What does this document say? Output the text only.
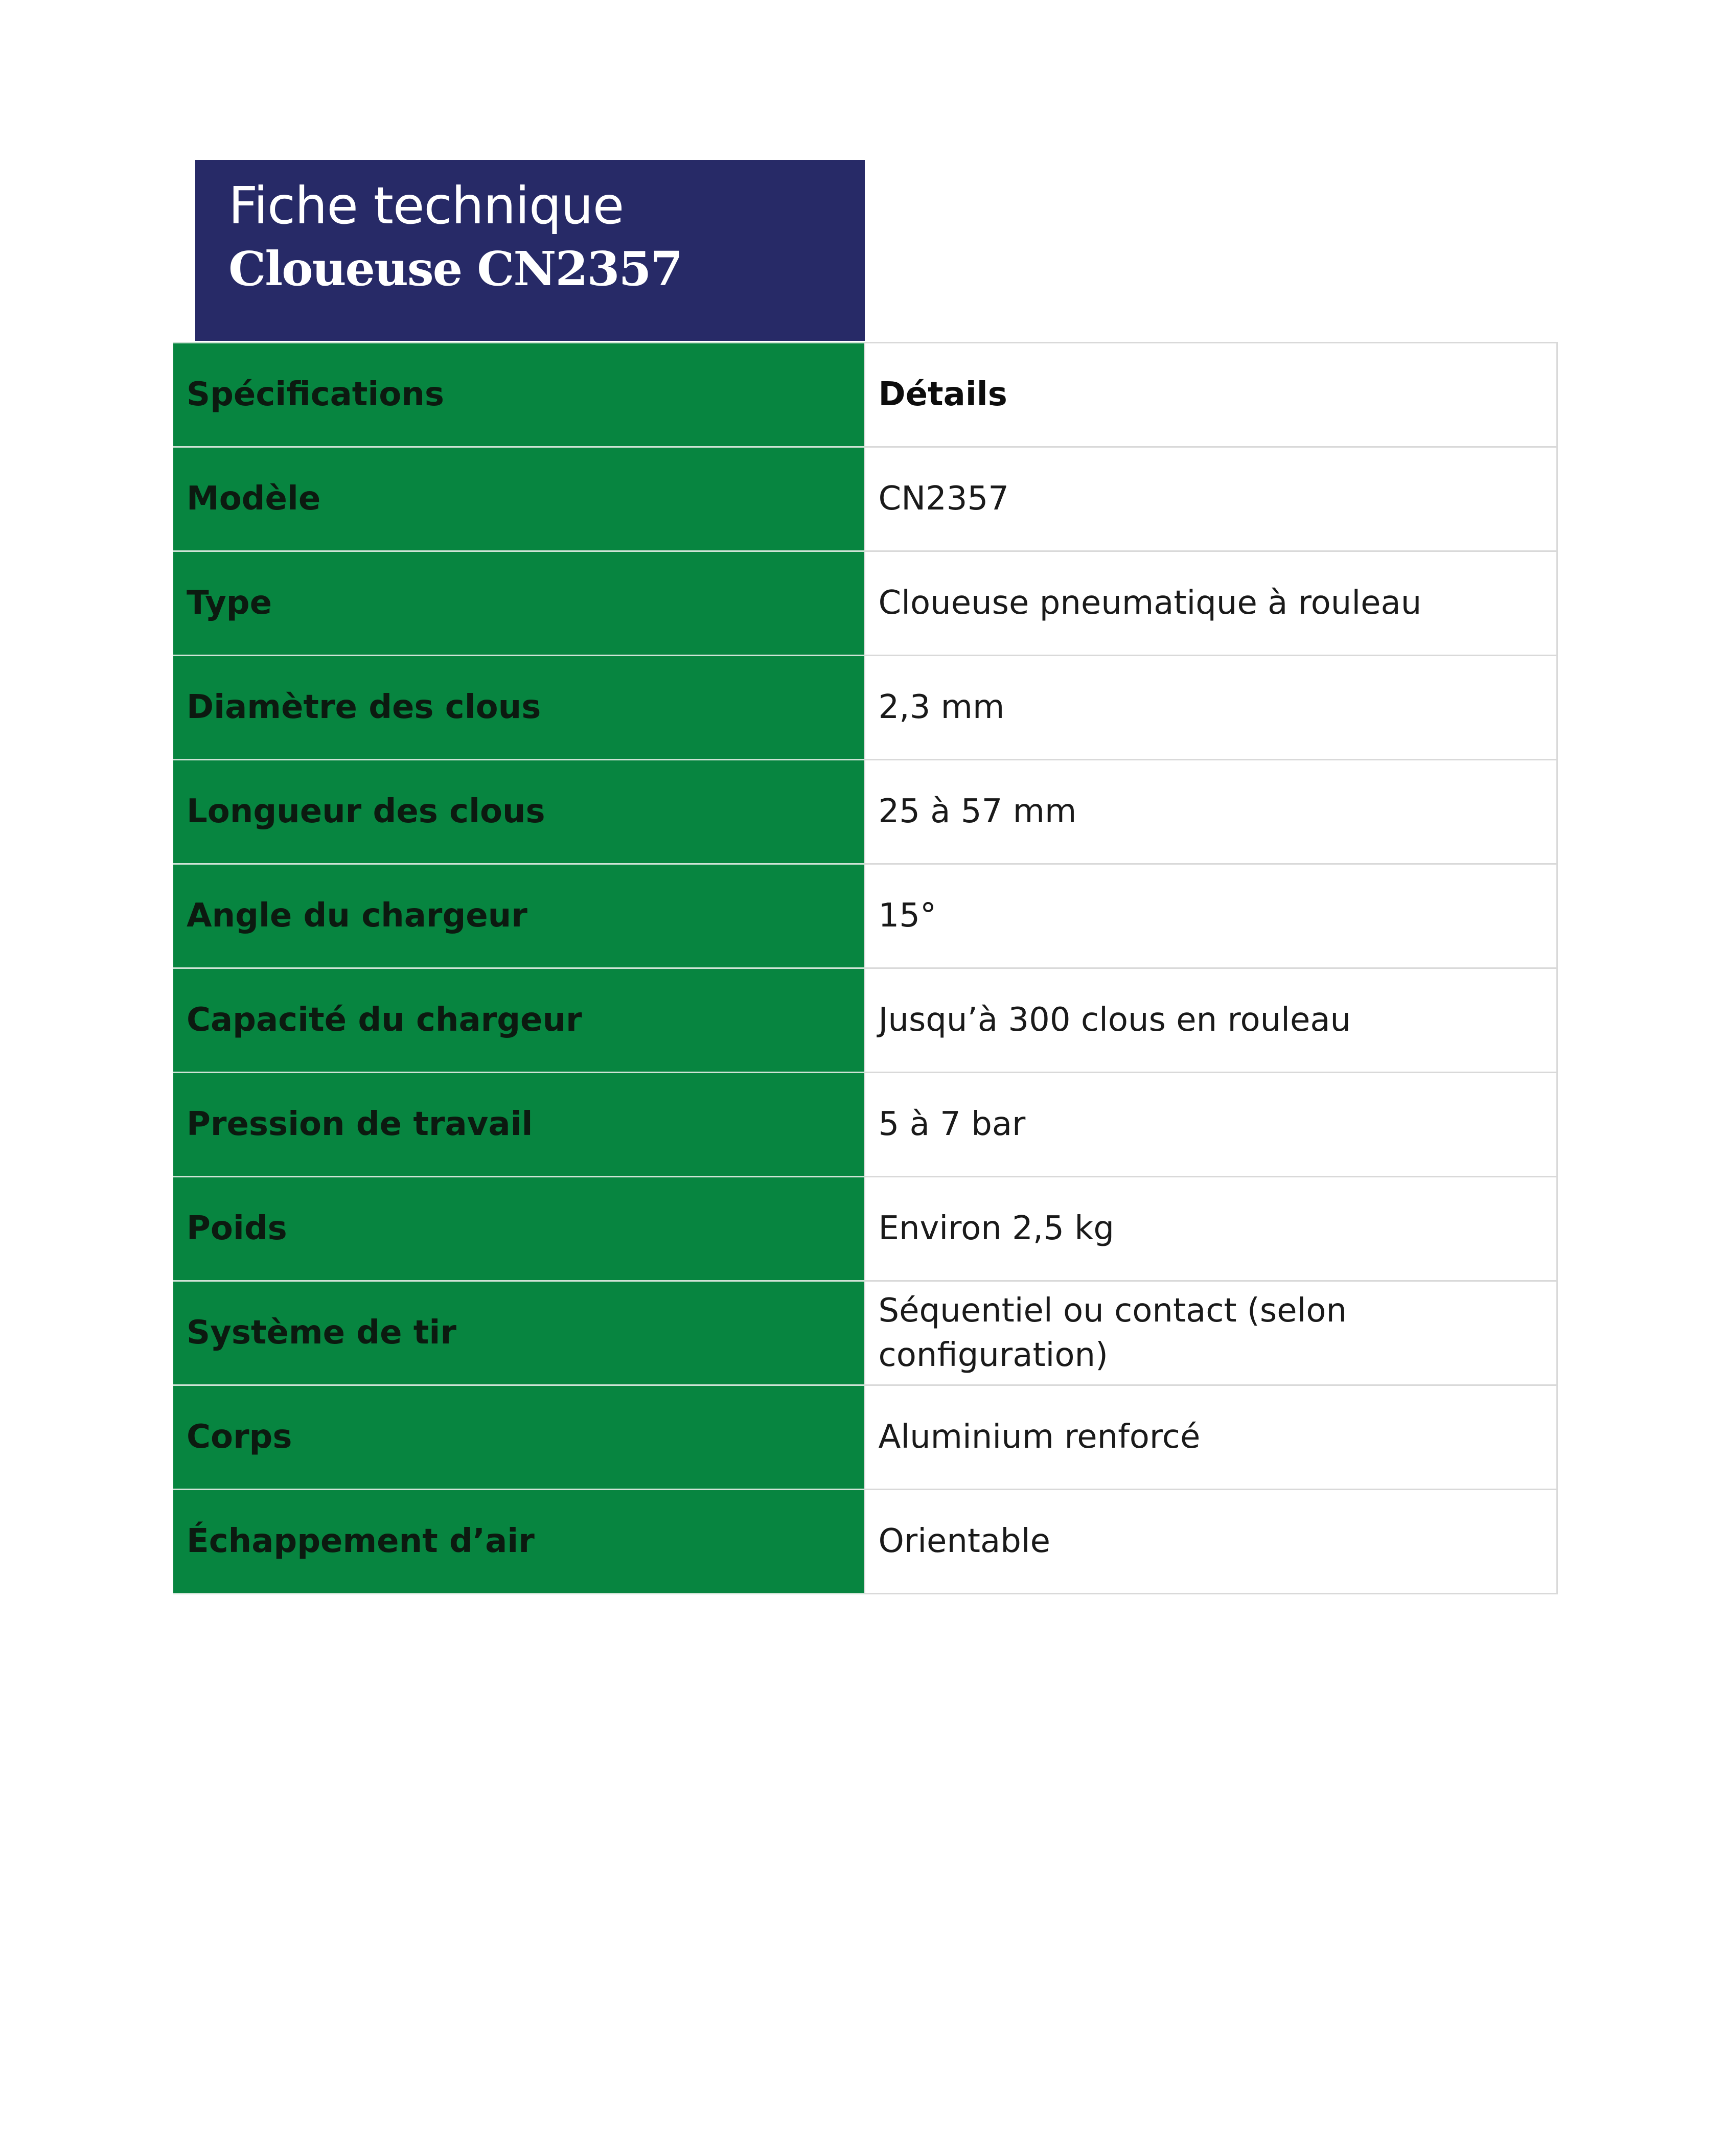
Fiche technique
Cloueuse CN2357
Spécifications	Détails
Modèle	CN2357
Type	Cloueuse pneumatique à rouleau
Diamètre des clous	2,3 mm
Longueur des clous	25 à 57 mm
Angle du chargeur	15°
Capacité du chargeur	Jusqu’à 300 clous en rouleau
Pression de travail	5 à 7 bar
Poids	Environ 2,5 kg
Système de tir	Séquentiel ou contact (selon configuration)
Corps	Aluminium renforcé
Échappement d’air	Orientable
